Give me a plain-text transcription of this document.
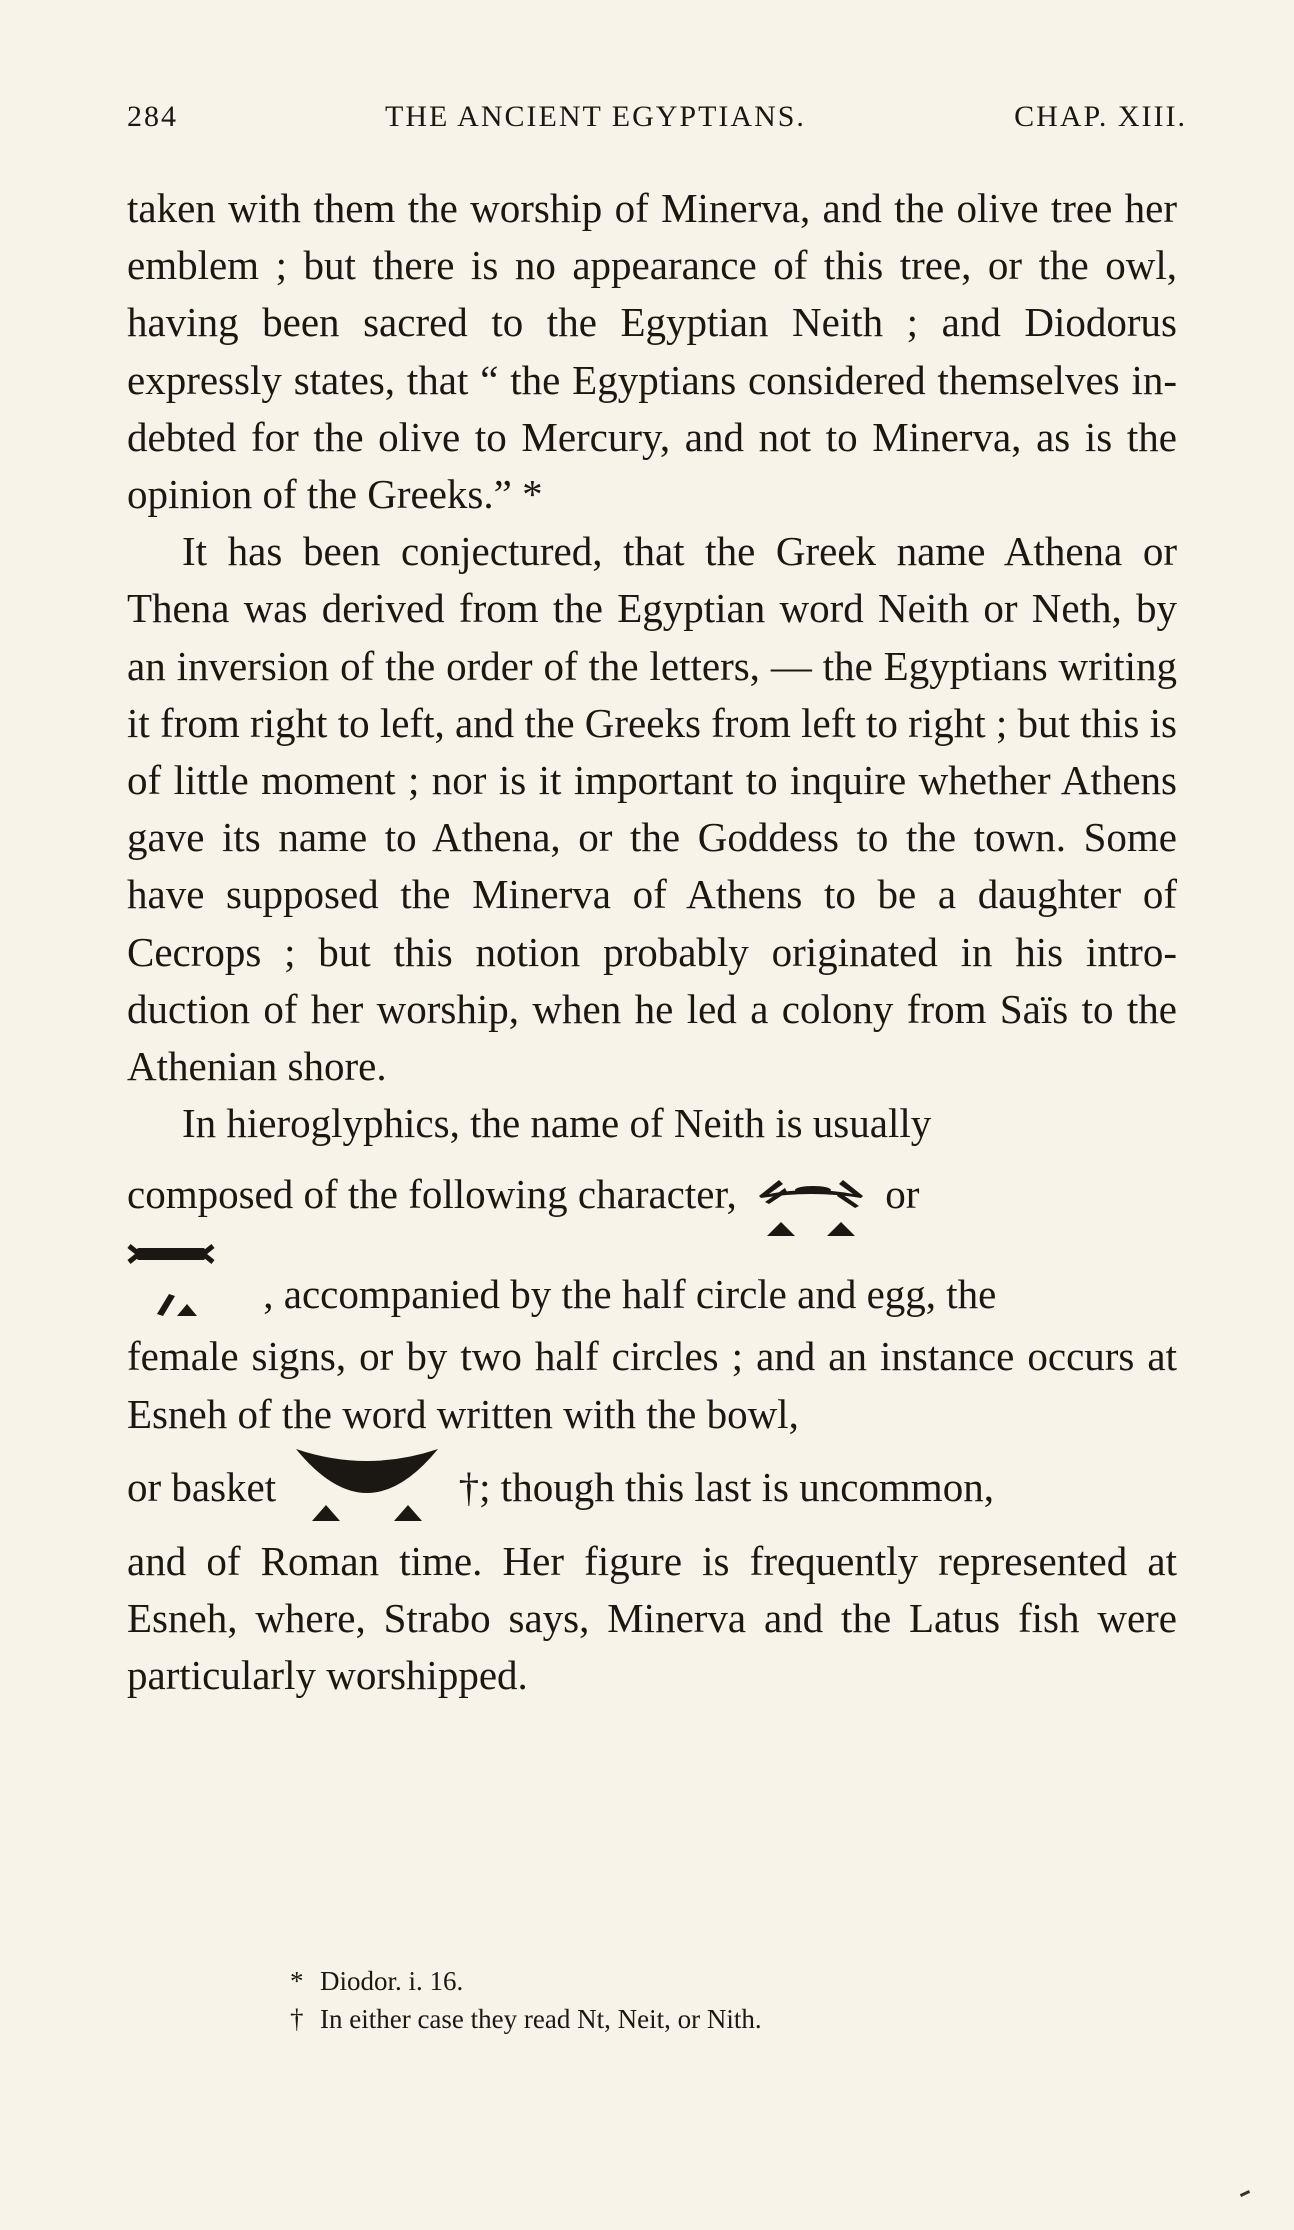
284	THE ANCIENT EGYPTIANS.	CHAP. XIII.

taken with them the worship of Minerva, and the olive tree her emblem ; but there is no appearance of this tree, or the owl, having been sacred to the Egyptian Neith ; and Diodorus expressly states, that “ the Egyptians considered themselves in-debted for the olive to Mercury, and not to Minerva, as is the opinion of the Greeks.” *

It has been conjectured, that the Greek name Athena or Thena was derived from the Egyptian word Neith or Neth, by an inversion of the order of the letters, — the Egyptians writing it from right to left, and the Greeks from left to right ; but this is of little moment ; nor is it important to inquire whether Athens gave its name to Athena, or the Goddess to the town. Some have supposed the Minerva of Athens to be a daughter of Cecrops ; but this notion probably originated in his intro-duction of her worship, when he led a colony from Saïs to the Athenian shore.

In hieroglyphics, the name of Neith is usually

composed of the following character,	or
, accompanied by the half circle and egg, the

female signs, or by two half circles ; and an instance occurs at Esneh of the word written with the bowl,

or basket	†; though this last is uncommon,

and of Roman time. Her figure is frequently represented at Esneh, where, Strabo says, Minerva and the Latus fish were particularly worshipped.

* Diodor. i. 16.

† In either case they read Nt, Neit, or Nith.
